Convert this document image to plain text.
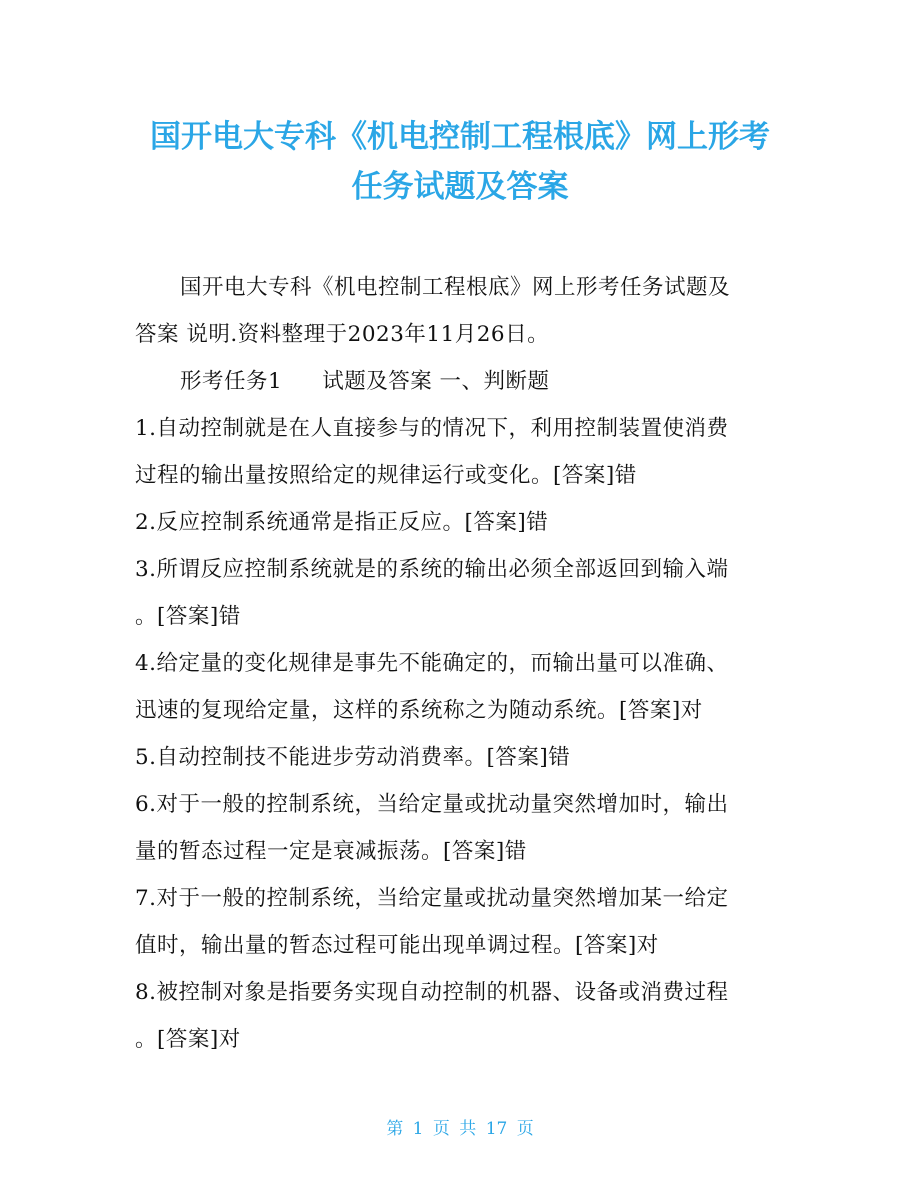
国开电大专科《机电控制工程根底》网上形考
任务试题及答案
国开电大专科《机电控制工程根底》网上形考任务试题及
答案 说明.资料整理于2023年11月26日。
形考任务1 试题及答案 一、判断题
1.自动控制就是在人直接参与的情况下，利用控制装置使消费
过程的输出量按照给定的规律运行或变化。[答案]错
2.反应控制系统通常是指正反应。[答案]错
3.所谓反应控制系统就是的系统的输出必须全部返回到输入端
。[答案]错
4.给定量的变化规律是事先不能确定的，而输出量可以准确、
迅速的复现给定量，这样的系统称之为随动系统。[答案]对
5.自动控制技不能进步劳动消费率。[答案]错
6.对于一般的控制系统，当给定量或扰动量突然增加时，输出
量的暂态过程一定是衰减振荡。[答案]错
7.对于一般的控制系统，当给定量或扰动量突然增加某一给定
值时，输出量的暂态过程可能出现单调过程。[答案]对
8.被控制对象是指要务实现自动控制的机器、设备或消费过程
。[答案]对
第 1 页 共 17 页
